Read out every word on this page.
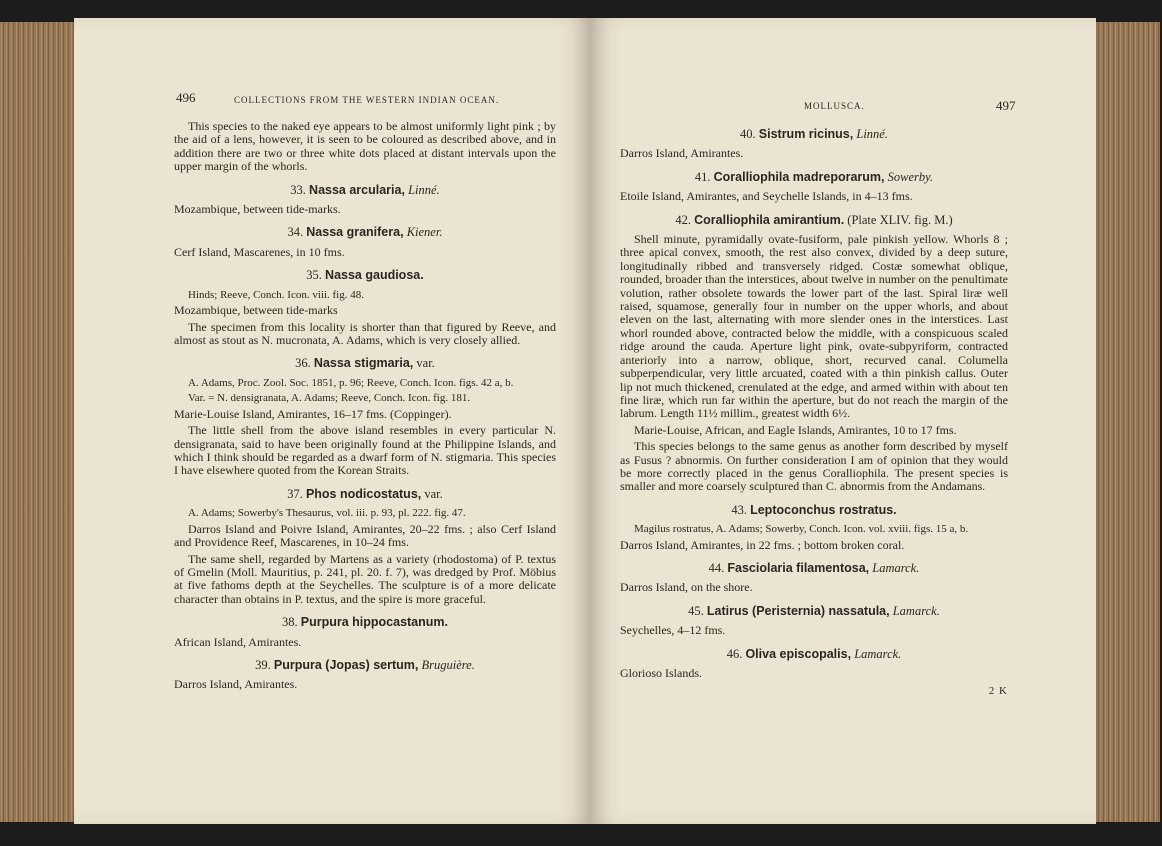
496	COLLECTIONS FROM THE WESTERN INDIAN OCEAN.

This species to the naked eye appears to be almost uniformly light pink ; by the aid of a lens, however, it is seen to be coloured as described above, and in addition there are two or three white dots placed at distant intervals upon the upper margin of the whorls.

33. Nassa arcularia, Linné.

Mozambique, between tide-marks.

34. Nassa granifera, Kiener.

Cerf Island, Mascarenes, in 10 fms.

35. Nassa gaudiosa.

Hinds; Reeve, Conch. Icon. viii. fig. 48.

Mozambique, between tide-marks

The specimen from this locality is shorter than that figured by Reeve, and almost as stout as N. mucronata, A. Adams, which is very closely allied.

36. Nassa stigmaria, var.

A. Adams, Proc. Zool. Soc. 1851, p. 96; Reeve, Conch. Icon. figs. 42 a, b.

Var. = N. densigranata, A. Adams; Reeve, Conch. Icon. fig. 181.

Marie-Louise Island, Amirantes, 16–17 fms. (Coppinger).

The little shell from the above island resembles in every particular N. densigranata, said to have been originally found at the Philippine Islands, and which I think should be regarded as a dwarf form of N. stigmaria. This species I have elsewhere quoted from the Korean Straits.

37. Phos nodicostatus, var.

A. Adams; Sowerby's Thesaurus, vol. iii. p. 93, pl. 222. fig. 47.

Darros Island and Poivre Island, Amirantes, 20–22 fms. ; also Cerf Island and Providence Reef, Mascarenes, in 10–24 fms.

The same shell, regarded by Martens as a variety (rhodostoma) of P. textus of Gmelin (Moll. Mauritius, p. 241, pl. 20. f. 7), was dredged by Prof. Möbius at five fathoms depth at the Seychelles. The sculpture is of a more delicate character than obtains in P. textus, and the spire is more graceful.

38. Purpura hippocastanum.

African Island, Amirantes.

39. Purpura (Jopas) sertum, Bruguière.

Darros Island, Amirantes.

MOLLUSCA.	497
40. Sistrum ricinus, Linné.

Darros Island, Amirantes.

41. Coralliophila madreporarum, Sowerby.

Etoile Island, Amirantes, and Seychelle Islands, in 4–13 fms.

42. Coralliophila amirantium. (Plate XLIV. fig. M.)

Shell minute, pyramidally ovate-fusiform, pale pinkish yellow. Whorls 8 ; three apical convex, smooth, the rest also convex, divided by a deep suture, longitudinally ribbed and transversely ridged. Costæ somewhat oblique, rounded, broader than the interstices, about twelve in number on the penultimate volution, rather obsolete towards the lower part of the last. Spiral liræ well raised, squamose, generally four in number on the upper whorls, and about eleven on the last, alternating with more slender ones in the interstices. Last whorl rounded above, contracted below the middle, with a conspicuous scaled ridge around the cauda. Aperture light pink, ovate-subpyriform, contracted anteriorly into a narrow, oblique, short, recurved canal. Columella subperpendicular, very little arcuated, coated with a thin pinkish callus. Outer lip not much thickened, crenulated at the edge, and armed within with about ten fine liræ, which run far within the aperture, but do not reach the margin of the labrum. Length 11½ millim., greatest width 6½.

Marie-Louise, African, and Eagle Islands, Amirantes, 10 to 17 fms.

This species belongs to the same genus as another form described by myself as Fusus ? abnormis. On further consideration I am of opinion that they would be more correctly placed in the genus Coralliophila. The present species is smaller and more coarsely sculptured than C. abnormis from the Andamans.

43. Leptoconchus rostratus.

Magilus rostratus, A. Adams; Sowerby, Conch. Icon. vol. xviii. figs. 15 a, b.

Darros Island, Amirantes, in 22 fms. ; bottom broken coral.

44. Fasciolaria filamentosa, Lamarck.

Darros Island, on the shore.

45. Latirus (Peristernia) nassatula, Lamarck.

Seychelles, 4–12 fms.

46. Oliva episcopalis, Lamarck.

Glorioso Islands.

2 K
